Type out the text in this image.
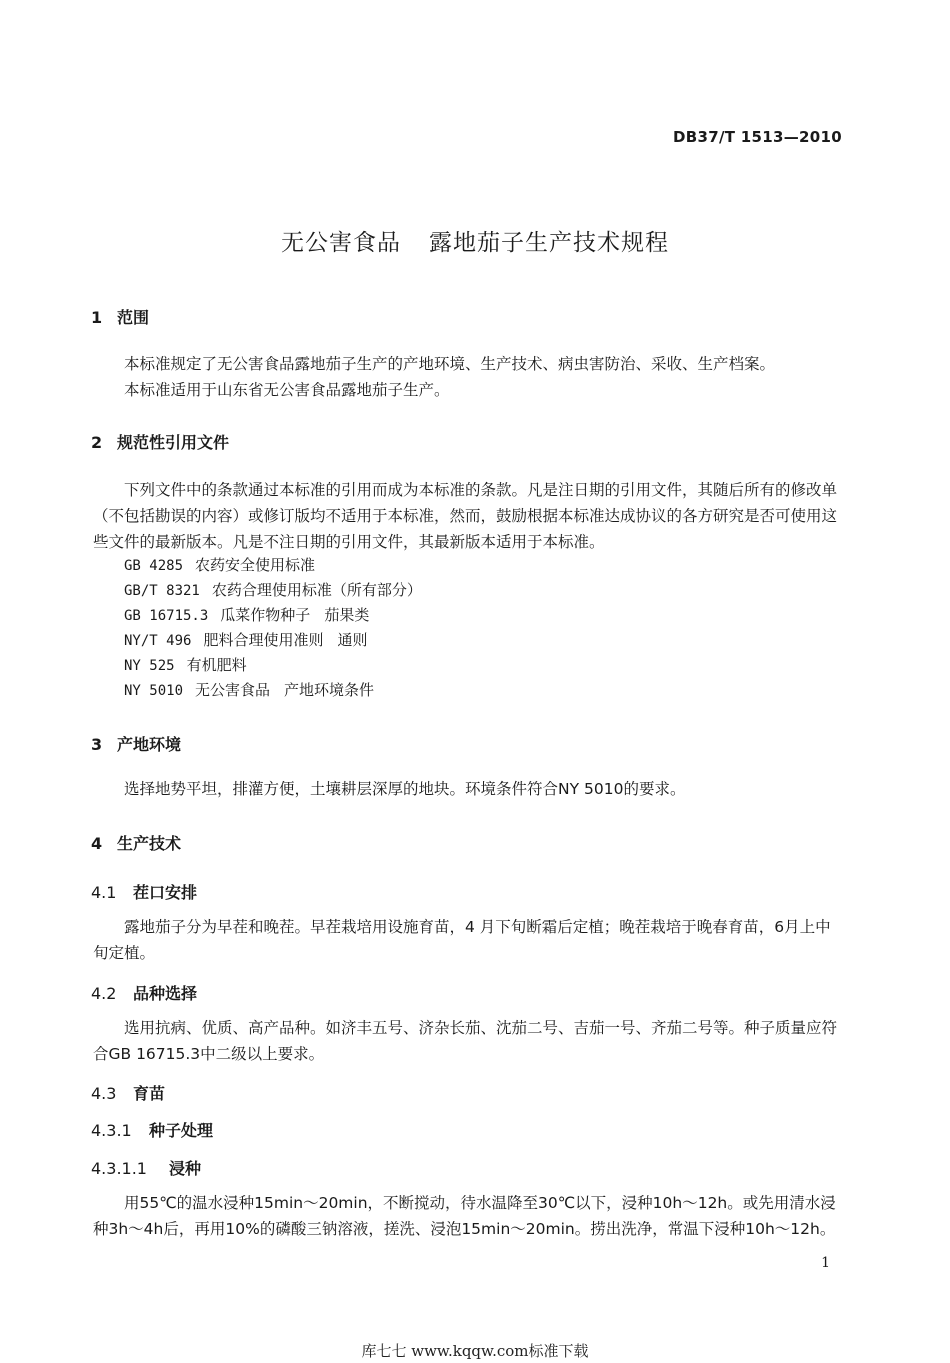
DB37/T 1513—2010
无公害食品 露地茄子生产技术规程
1 范围
本标准规定了无公害食品露地茄子生产的产地环境、生产技术、病虫害防治、采收、生产档案。
本标准适用于山东省无公害食品露地茄子生产。
2 规范性引用文件
下列文件中的条款通过本标准的引用而成为本标准的条款。凡是注日期的引用文件，其随后所有的修改单（不包括勘误的内容）或修订版均不适用于本标准，然而，鼓励根据本标准达成协议的各方研究是否可使用这些文件的最新版本。凡是不注日期的引用文件，其最新版本适用于本标准。
GB 4285 农药安全使用标准
GB/T 8321 农药合理使用标准（所有部分）
GB 16715.3 瓜菜作物种子 茄果类
NY/T 496 肥料合理使用准则 通则
NY 525 有机肥料
NY 5010 无公害食品 产地环境条件
3 产地环境
选择地势平坦，排灌方便，土壤耕层深厚的地块。环境条件符合NY 5010的要求。
4 生产技术
4.1 茬口安排
露地茄子分为早茬和晚茬。早茬栽培用设施育苗，4 月下旬断霜后定植；晚茬栽培于晚春育苗，6月上中旬定植。
4.2 品种选择
选用抗病、优质、高产品种。如济丰五号、济杂长茄、沈茄二号、吉茄一号、齐茄二号等。种子质量应符合GB 16715.3中二级以上要求。
4.3 育苗
4.3.1 种子处理
4.3.1.1 浸种
用55℃的温水浸种15min～20min，不断搅动，待水温降至30℃以下，浸种10h～12h。或先用清水浸种3h～4h后，再用10%的磷酸三钠溶液，搓洗、浸泡15min～20min。捞出洗净，常温下浸种10h～12h。
1
库七七 www.kqqw.com标准下载
